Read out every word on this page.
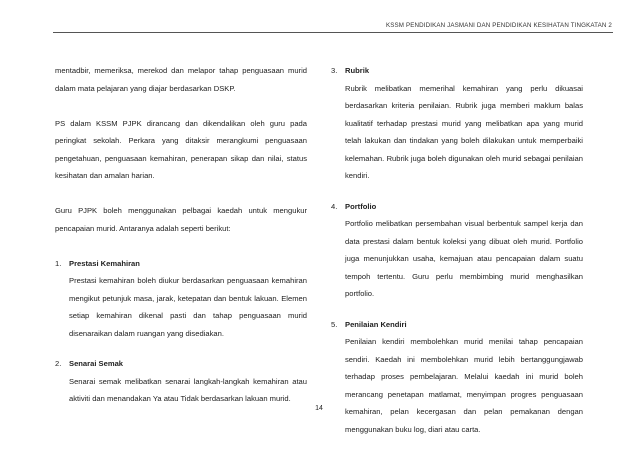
KSSM PENDIDIKAN JASMANI DAN PENDIDIKAN KESIHATAN TINGKATAN 2

mentadbir, memeriksa, merekod dan melapor tahap penguasaan murid dalam mata pelajaran yang diajar berdasarkan DSKP.

PS dalam KSSM PJPK dirancang dan dikendalikan oleh guru pada peringkat sekolah. Perkara yang ditaksir merangkumi penguasaan pengetahuan, penguasaan kemahiran, penerapan sikap dan nilai, status kesihatan dan amalan harian.

Guru PJPK boleh menggunakan pelbagai kaedah untuk mengukur pencapaian murid. Antaranya adalah seperti berikut:

1. Prestasi Kemahiran
Prestasi kemahiran boleh diukur berdasarkan penguasaan kemahiran mengikut petunjuk masa, jarak, ketepatan dan bentuk lakuan. Elemen setiap kemahiran dikenal pasti dan tahap penguasaan murid disenaraikan dalam ruangan yang disediakan.
2. Senarai Semak
Senarai semak melibatkan senarai langkah-langkah kemahiran atau aktiviti dan menandakan Ya atau Tidak berdasarkan lakuan murid.
3. Rubrik
Rubrik melibatkan memerihal kemahiran yang perlu dikuasai berdasarkan kriteria penilaian. Rubrik juga memberi maklum balas kualitatif terhadap prestasi murid yang melibatkan apa yang murid telah lakukan dan tindakan yang boleh dilakukan untuk memperbaiki kelemahan. Rubrik juga boleh digunakan oleh murid sebagai penilaian kendiri.
4. Portfolio
Portfolio melibatkan persembahan visual berbentuk sampel kerja dan data prestasi dalam bentuk koleksi yang dibuat oleh murid. Portfolio juga menunjukkan usaha, kemajuan atau pencapaian dalam suatu tempoh tertentu. Guru perlu membimbing murid menghasilkan portfolio.
5. Penilaian Kendiri
Penilaian kendiri membolehkan murid menilai tahap pencapaian sendiri. Kaedah ini membolehkan murid lebih bertanggungjawab terhadap proses pembelajaran. Melalui kaedah ini murid boleh merancang penetapan matlamat, menyimpan progres penguasaan kemahiran, pelan kecergasan dan pelan pemakanan dengan menggunakan buku log, diari atau carta.
14
